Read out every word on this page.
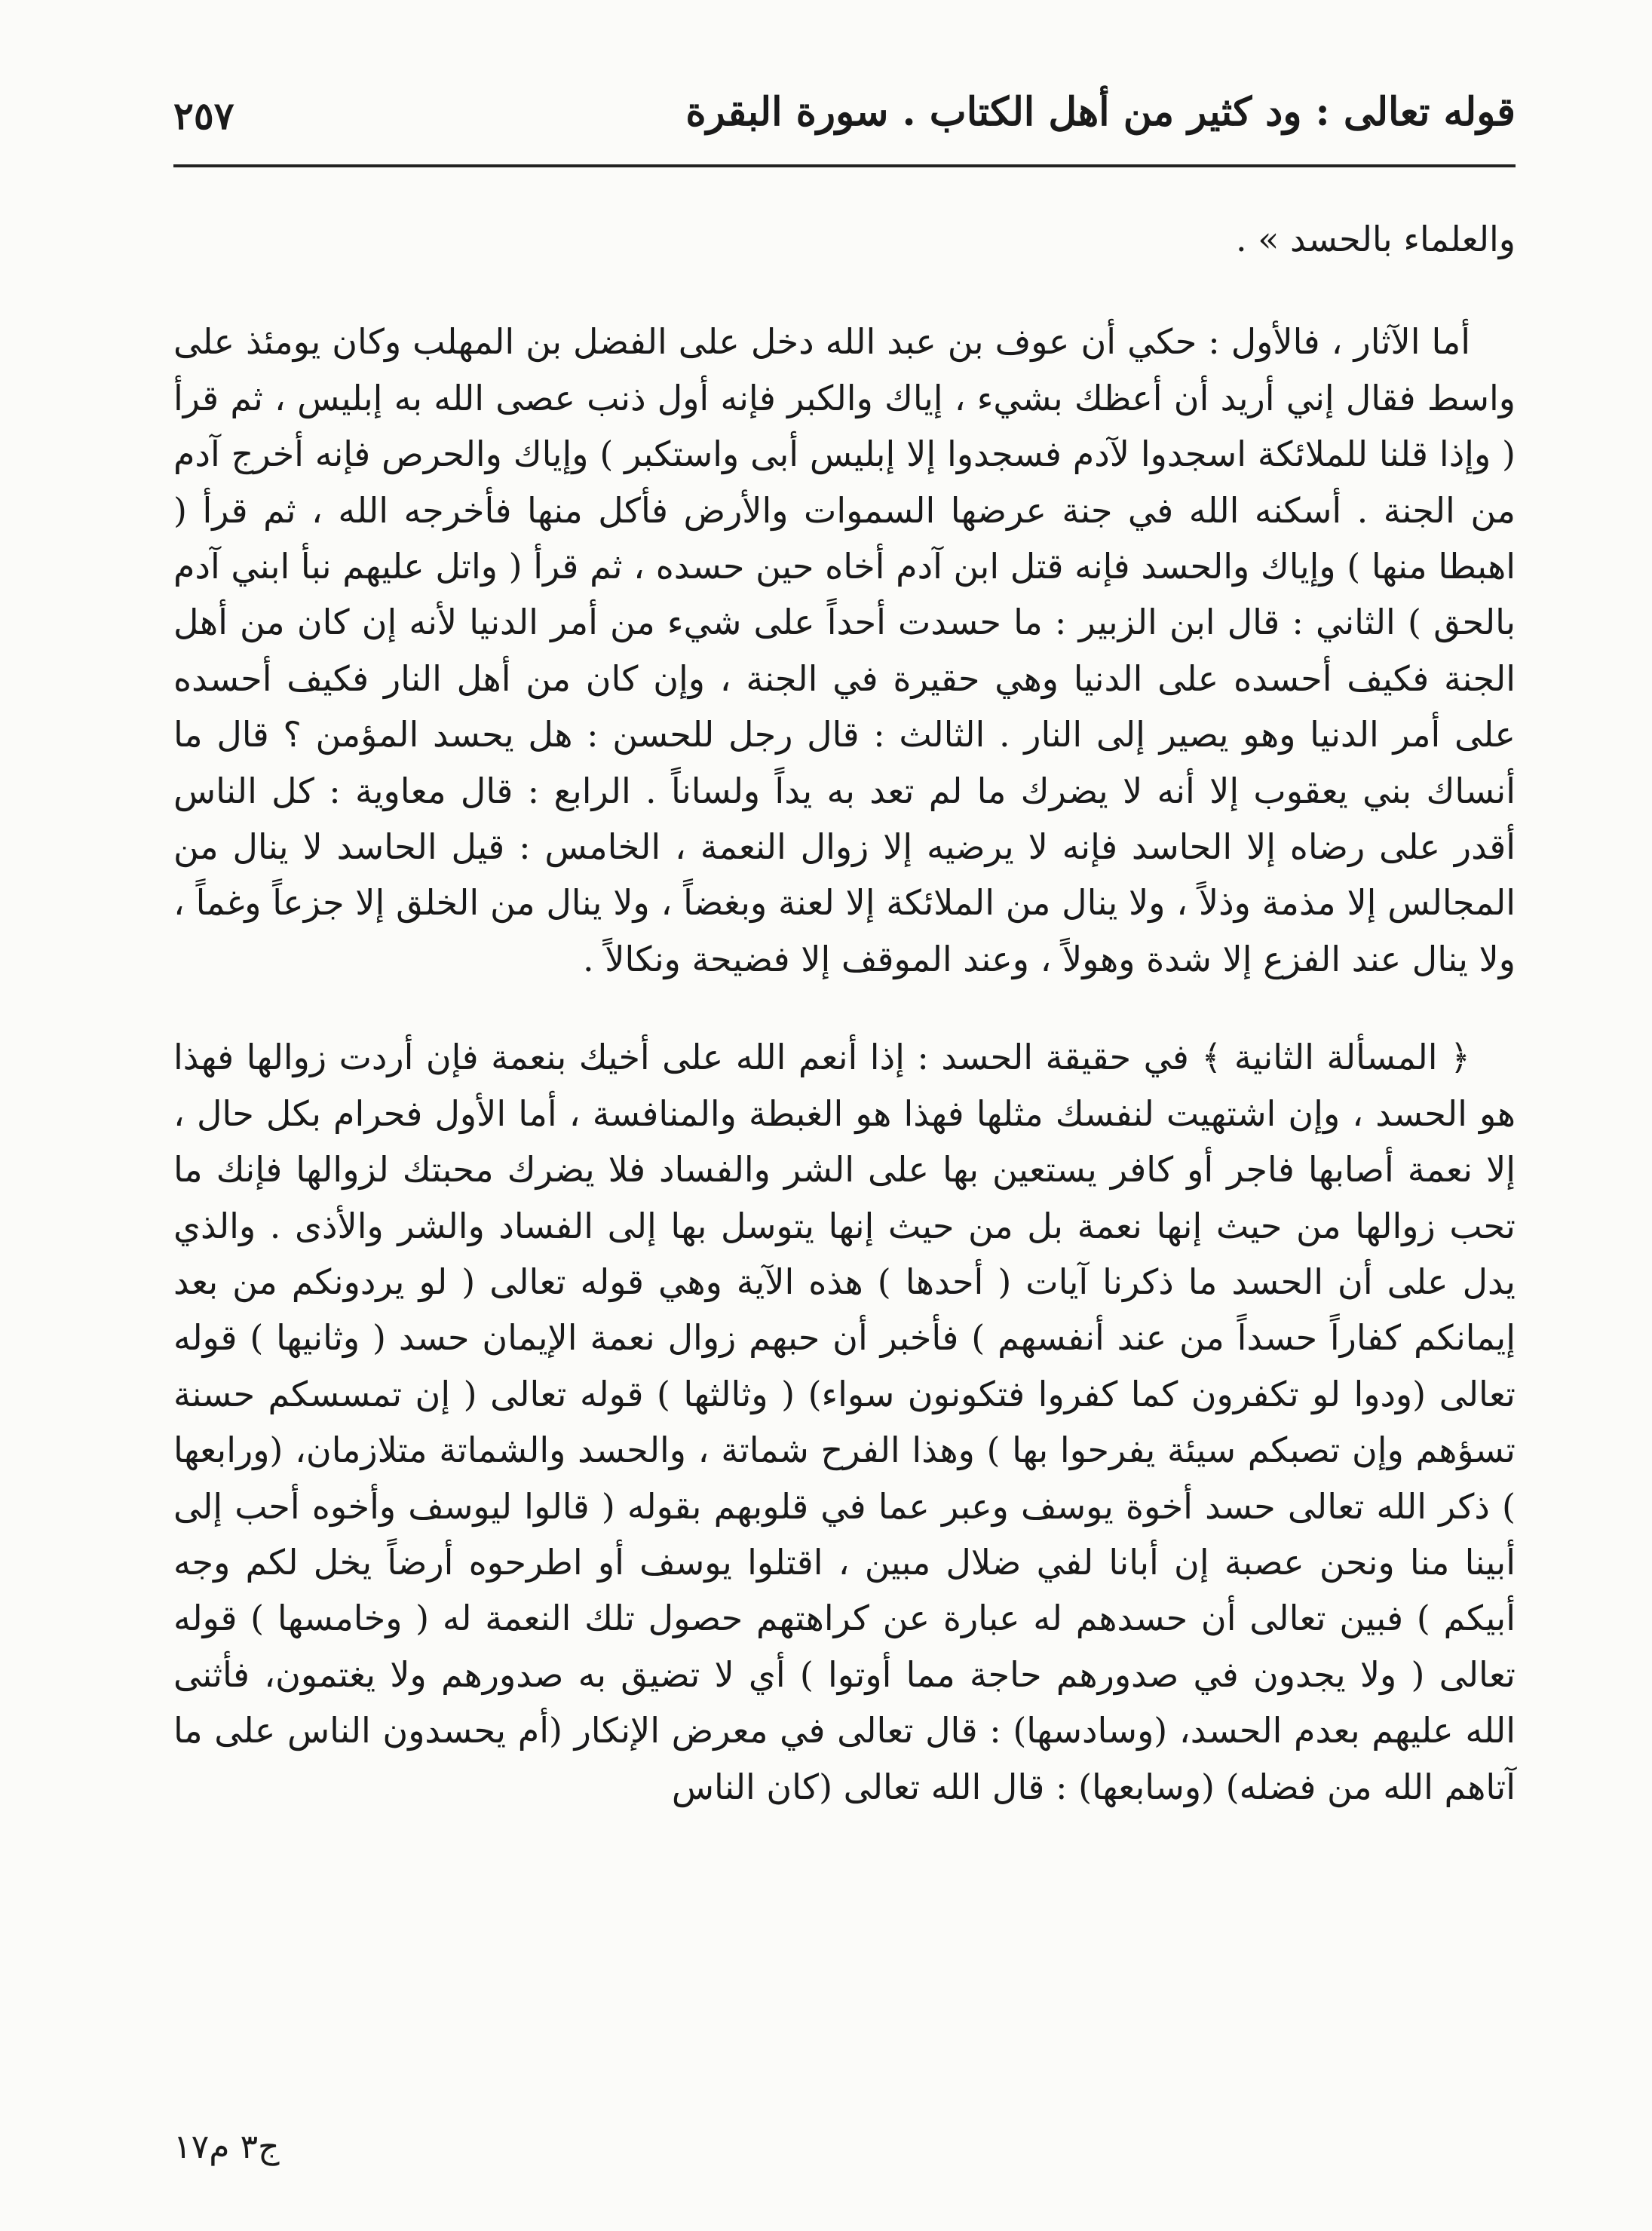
قوله تعالى : ود كثير من أهل الكتاب . سورة البقرة
٢٥٧

والعلماء بالحسد » .

أما الآثار ، فالأول : حكي أن عوف بن عبد الله دخل على الفضل بن المهلب وكان يومئذ على واسط فقال إني أريد أن أعظك بشيء ، إياك والكبر فإنه أول ذنب عصى الله به إبليس ، ثم قرأ ( وإذا قلنا للملائكة اسجدوا لآدم فسجدوا إلا إبليس أبى واستكبر ) وإياك والحرص فإنه أخرج آدم من الجنة . أسكنه الله في جنة عرضها السموات والأرض فأكل منها فأخرجه الله ، ثم قرأ ( اهبطا منها ) وإياك والحسد فإنه قتل ابن آدم أخاه حين حسده ، ثم قرأ ( واتل عليهم نبأ ابني آدم بالحق ) الثاني : قال ابن الزبير : ما حسدت أحداً على شيء من أمر الدنيا لأنه إن كان من أهل الجنة فكيف أحسده على الدنيا وهي حقيرة في الجنة ، وإن كان من أهل النار فكيف أحسده على أمر الدنيا وهو يصير إلى النار . الثالث : قال رجل للحسن : هل يحسد المؤمن ؟ قال ما أنساك بني يعقوب إلا أنه لا يضرك ما لم تعد به يداً ولساناً . الرابع : قال معاوية : كل الناس أقدر على رضاه إلا الحاسد فإنه لا يرضيه إلا زوال النعمة ، الخامس : قيل الحاسد لا ينال من المجالس إلا مذمة وذلاً ، ولا ينال من الملائكة إلا لعنة وبغضاً ، ولا ينال من الخلق إلا جزعاً وغماً ، ولا ينال عند الفزع إلا شدة وهولاً ، وعند الموقف إلا فضيحة ونكالاً .

﴿ المسألة الثانية ﴾ في حقيقة الحسد : إذا أنعم الله على أخيك بنعمة فإن أردت زوالها فهذا هو الحسد ، وإن اشتهيت لنفسك مثلها فهذا هو الغبطة والمنافسة ، أما الأول فحرام بكل حال ، إلا نعمة أصابها فاجر أو كافر يستعين بها على الشر والفساد فلا يضرك محبتك لزوالها فإنك ما تحب زوالها من حيث إنها نعمة بل من حيث إنها يتوسل بها إلى الفساد والشر والأذى . والذي يدل على أن الحسد ما ذكرنا آيات ( أحدها ) هذه الآية وهي قوله تعالى ( لو يردونكم من بعد إيمانكم كفاراً حسداً من عند أنفسهم ) فأخبر أن حبهم زوال نعمة الإيمان حسد ( وثانيها ) قوله تعالى (ودوا لو تكفرون كما كفروا فتكونون سواء) ( وثالثها ) قوله تعالى ( إن تمسسكم حسنة تسؤهم وإن تصبكم سيئة يفرحوا بها ) وهذا الفرح شماتة ، والحسد والشماتة متلازمان، (ورابعها ) ذكر الله تعالى حسد أخوة يوسف وعبر عما في قلوبهم بقوله ( قالوا ليوسف وأخوه أحب إلى أبينا منا ونحن عصبة إن أبانا لفي ضلال مبين ، اقتلوا يوسف أو اطرحوه أرضاً يخل لكم وجه أبيكم ) فبين تعالى أن حسدهم له عبارة عن كراهتهم حصول تلك النعمة له ( وخامسها ) قوله تعالى ( ولا يجدون في صدورهم حاجة مما أوتوا ) أي لا تضيق به صدورهم ولا يغتمون، فأثنى الله عليهم بعدم الحسد، (وسادسها) : قال تعالى في معرض الإنكار (أم يحسدون الناس على ما آتاهم الله من فضله) (وسابعها) : قال الله تعالى (كان الناس

ج٣ م١٧
